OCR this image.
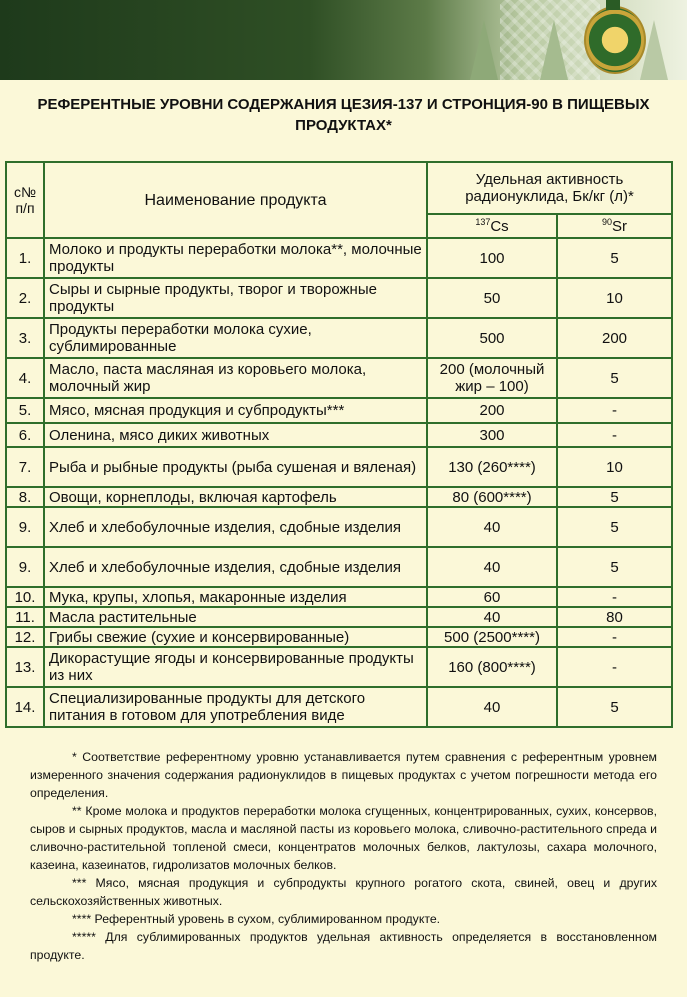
РЕФЕРЕНТНЫЕ УРОВНИ СОДЕРЖАНИЯ ЦЕЗИЯ-137 И СТРОНЦИЯ-90 В ПИЩЕВЫХ ПРОДУКТАХ*
с№ п/п	Наименование продукта	Удельная активность радионуклида, Бк/кг (л)*	
		$^{137}$Cs	$^{90}$Sr
1.	Молоко и продукты переработки молока**, молочные продукты	100	5
2.	Сыры и сырные продукты, творог и творожные продукты	50	10
3.	Продукты переработки молока сухие, сублимированные	500	200
4.	Масло, паста масляная из коровьего молока, молочный жир	200 (молочный жир – 100)	5
5.	Мясо, мясная продукция и субпродукты***	200	-
6.	Оленина, мясо диких животных	300	-
7.	Рыба и рыбные продукты (рыба сушеная и вяленая)	130 (260****)	10
8.	Овощи, корнеплоды, включая картофель	80 (600****)	5
9.	Хлеб и хлебобулочные изделия, сдобные изделия	40	5
9.	Хлеб и хлебобулочные изделия, сдобные изделия	40	5
10.	Мука, крупы, хлопья, макаронные изделия	60	-
11.	Масла растительные	40	80
12.	Грибы свежие (сухие и консервированные)	500 (2500****)	-
13.	Дикорастущие ягоды и консервированные продукты из них	160 (800****)	-
14.	Специализированные продукты для детского питания в готовом для употребления виде	40	5

* Соответствие референтному уровню устанавливается путем сравнения с референтным уровнем измеренного значения содержания радионуклидов в пищевых продуктах с учетом погрешности метода его определения.

** Кроме молока и продуктов переработки молока сгущенных, концентрированных, сухих, консервов, сыров и сырных продуктов, масла и масляной пасты из коровьего молока, сливочно-растительного спреда и сливочно-растительной топленой смеси, концентратов молочных белков, лактулозы, сахара молочного, казеина, казеинатов, гидролизатов молочных белков.

*** Мясо, мясная продукция и субпродукты крупного рогатого скота, свиней, овец и других сельскохозяйственных животных.

**** Референтный уровень в сухом, сублимированном продукте.

***** Для сублимированных продуктов удельная активность определяется в восстановленном продукте.
